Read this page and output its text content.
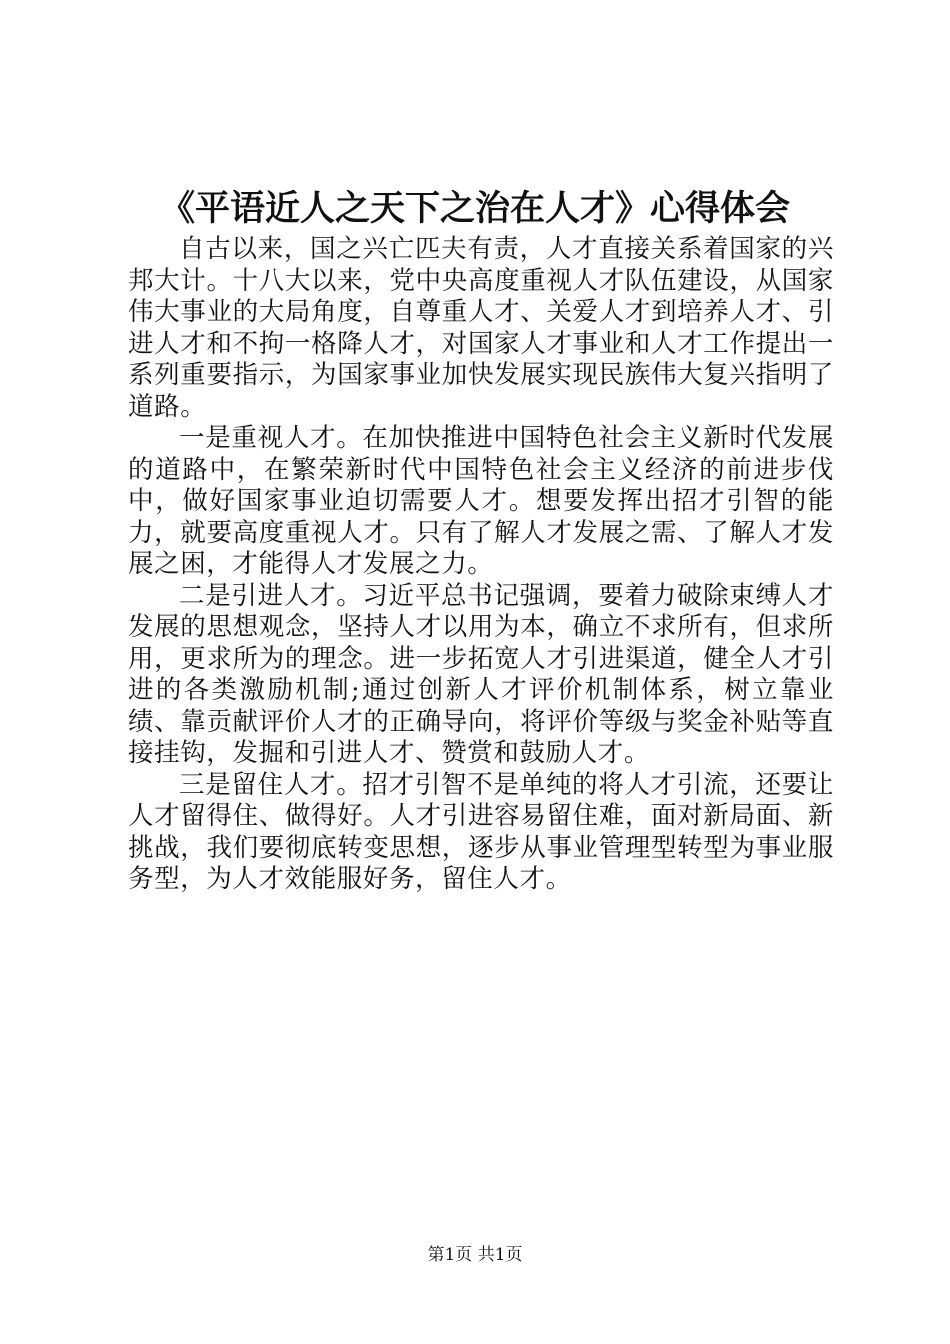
《平语近人之天下之治在人才》心得体会

自古以来，国之兴亡匹夫有责，人才直接关系着国家的兴邦大计。十八大以来，党中央高度重视人才队伍建设，从国家伟大事业的大局角度，自尊重人才、关爱人才到培养人才、引进人才和不拘一格降人才，对国家人才事业和人才工作提出一系列重要指示，为国家事业加快发展实现民族伟大复兴指明了道路。

一是重视人才。在加快推进中国特色社会主义新时代发展的道路中，在繁荣新时代中国特色社会主义经济的前进步伐中，做好国家事业迫切需要人才。想要发挥出招才引智的能力，就要高度重视人才。只有了解人才发展之需、了解人才发展之困，才能得人才发展之力。

二是引进人才。习近平总书记强调，要着力破除束缚人才发展的思想观念，坚持人才以用为本，确立不求所有，但求所用，更求所为的理念。进一步拓宽人才引进渠道，健全人才引进的各类激励机制;通过创新人才评价机制体系，树立靠业绩、靠贡献评价人才的正确导向，将评价等级与奖金补贴等直接挂钩，发掘和引进人才、赞赏和鼓励人才。

三是留住人才。招才引智不是单纯的将人才引流，还要让人才留得住、做得好。人才引进容易留住难，面对新局面、新挑战，我们要彻底转变思想，逐步从事业管理型转型为事业服务型，为人才效能服好务，留住人才。

第1页 共1页
